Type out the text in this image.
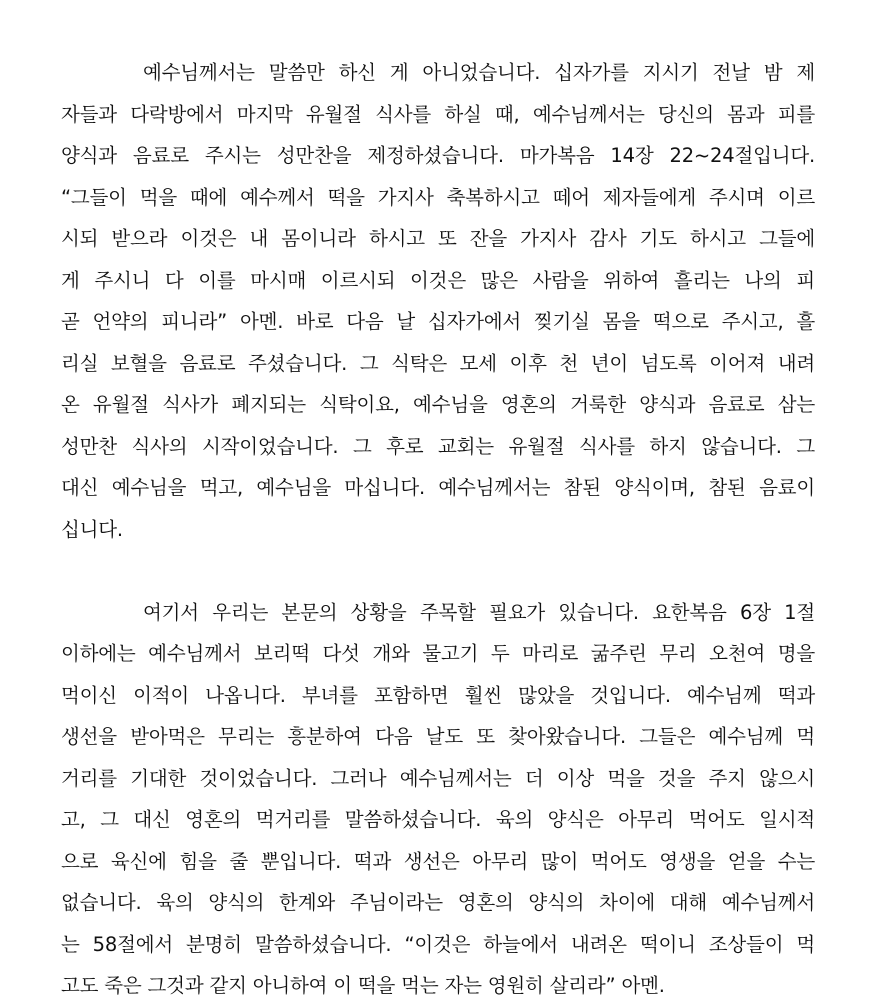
예수님께서는 말씀만 하신 게 아니었습니다. 십자가를 지시기 전날 밤 제
자들과 다락방에서 마지막 유월절 식사를 하실 때, 예수님께서는 당신의 몸과 피를
양식과 음료로 주시는 성만찬을 제정하셨습니다. 마가복음 14장 22~24절입니다.
“그들이 먹을 때에 예수께서 떡을 가지사 축복하시고 떼어 제자들에게 주시며 이르
시되 받으라 이것은 내 몸이니라 하시고 또 잔을 가지사 감사 기도 하시고 그들에
게 주시니 다 이를 마시매 이르시되 이것은 많은 사람을 위하여 흘리는 나의 피
곧 언약의 피니라” 아멘. 바로 다음 날 십자가에서 찢기실 몸을 떡으로 주시고, 흘
리실 보혈을 음료로 주셨습니다. 그 식탁은 모세 이후 천 년이 넘도록 이어져 내려
온 유월절 식사가 폐지되는 식탁이요, 예수님을 영혼의 거룩한 양식과 음료로 삼는
성만찬 식사의 시작이었습니다. 그 후로 교회는 유월절 식사를 하지 않습니다. 그
대신 예수님을 먹고, 예수님을 마십니다. 예수님께서는 참된 양식이며, 참된 음료이
십니다.
여기서 우리는 본문의 상황을 주목할 필요가 있습니다. 요한복음 6장 1절
이하에는 예수님께서 보리떡 다섯 개와 물고기 두 마리로 굶주린 무리 오천여 명을
먹이신 이적이 나옵니다. 부녀를 포함하면 훨씬 많았을 것입니다. 예수님께 떡과
생선을 받아먹은 무리는 흥분하여 다음 날도 또 찾아왔습니다. 그들은 예수님께 먹
거리를 기대한 것이었습니다. 그러나 예수님께서는 더 이상 먹을 것을 주지 않으시
고, 그 대신 영혼의 먹거리를 말씀하셨습니다. 육의 양식은 아무리 먹어도 일시적
으로 육신에 힘을 줄 뿐입니다. 떡과 생선은 아무리 많이 먹어도 영생을 얻을 수는
없습니다. 육의 양식의 한계와 주님이라는 영혼의 양식의 차이에 대해 예수님께서
는 58절에서 분명히 말씀하셨습니다. “이것은 하늘에서 내려온 떡이니 조상들이 먹
고도 죽은 그것과 같지 아니하여 이 떡을 먹는 자는 영원히 살리라” 아멘.
